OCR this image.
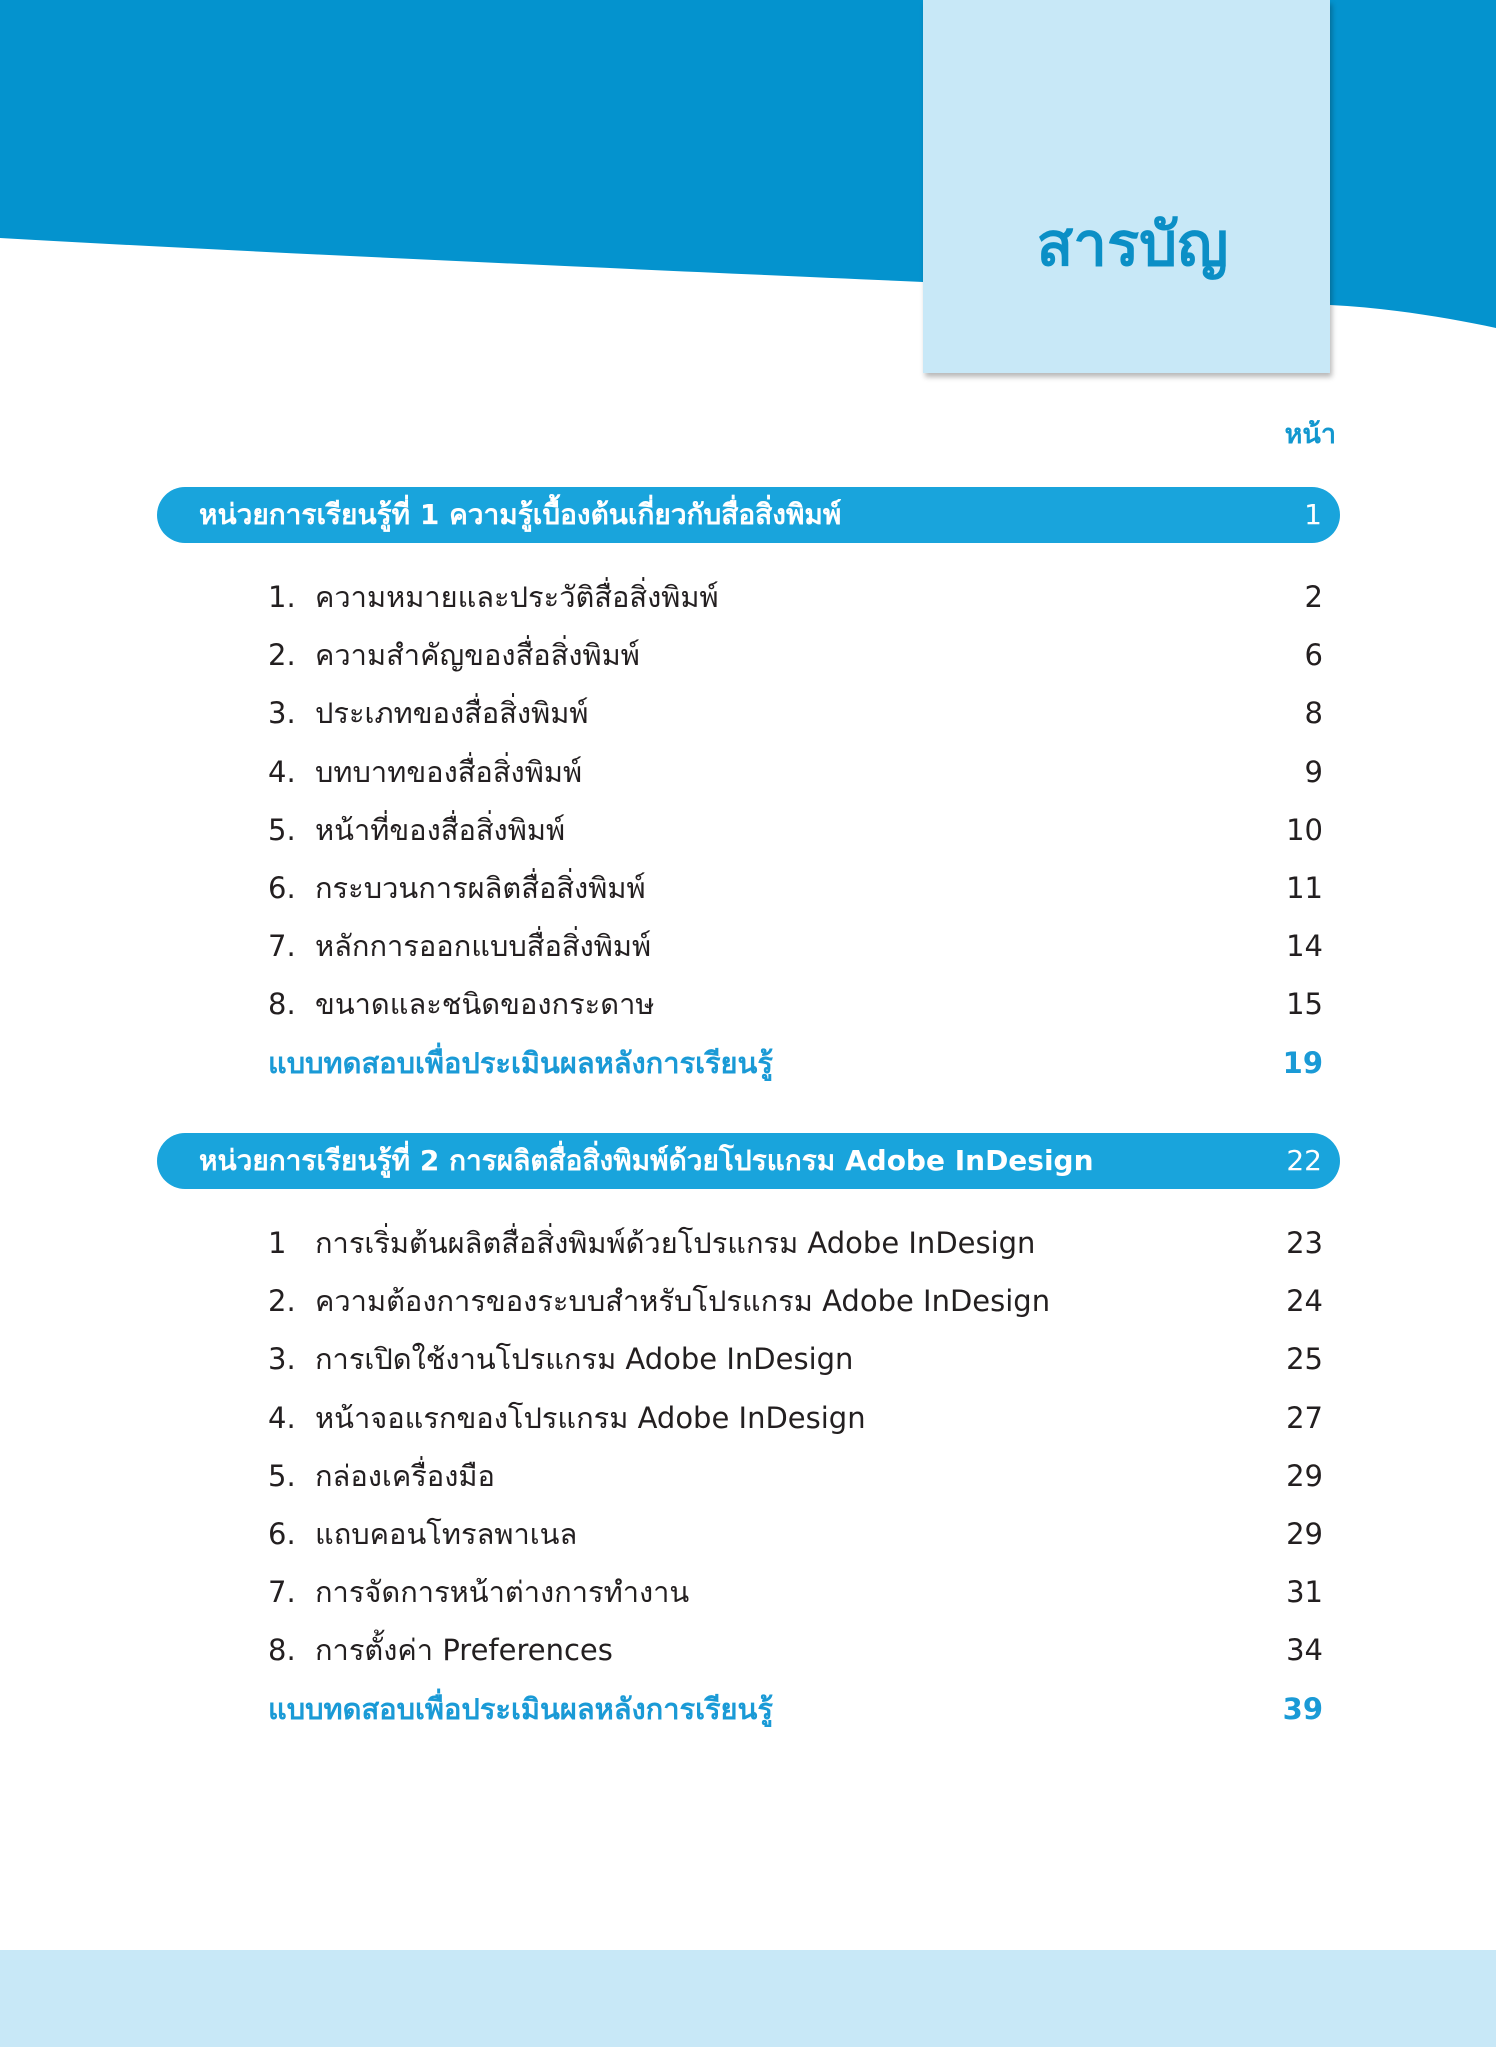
สารบัญ
หน้า
หน่วยการเรียนรู้ที่ 1 ความรู้เบื้องต้นเกี่ยวกับสื่อสิ่งพิมพ์	1
1. ความหมายและประวัติสื่อสิ่งพิมพ์	2
2. ความสำคัญของสื่อสิ่งพิมพ์	6
3. ประเภทของสื่อสิ่งพิมพ์	8
4. บทบาทของสื่อสิ่งพิมพ์	9
5. หน้าที่ของสื่อสิ่งพิมพ์	10
6. กระบวนการผลิตสื่อสิ่งพิมพ์	11
7. หลักการออกแบบสื่อสิ่งพิมพ์	14
8. ขนาดและชนิดของกระดาษ	15
แบบทดสอบเพื่อประเมินผลหลังการเรียนรู้	19
หน่วยการเรียนรู้ที่ 2 การผลิตสื่อสิ่งพิมพ์ด้วยโปรแกรม Adobe InDesign	22
1 การเริ่มต้นผลิตสื่อสิ่งพิมพ์ด้วยโปรแกรม Adobe InDesign	23
2. ความต้องการของระบบสำหรับโปรแกรม Adobe InDesign	24
3. การเปิดใช้งานโปรแกรม Adobe InDesign	25
4. หน้าจอแรกของโปรแกรม Adobe InDesign	27
5. กล่องเครื่องมือ	29
6. แถบคอนโทรลพาเนล	29
7. การจัดการหน้าต่างการทำงาน	31
8. การตั้งค่า Preferences	34
แบบทดสอบเพื่อประเมินผลหลังการเรียนรู้	39
